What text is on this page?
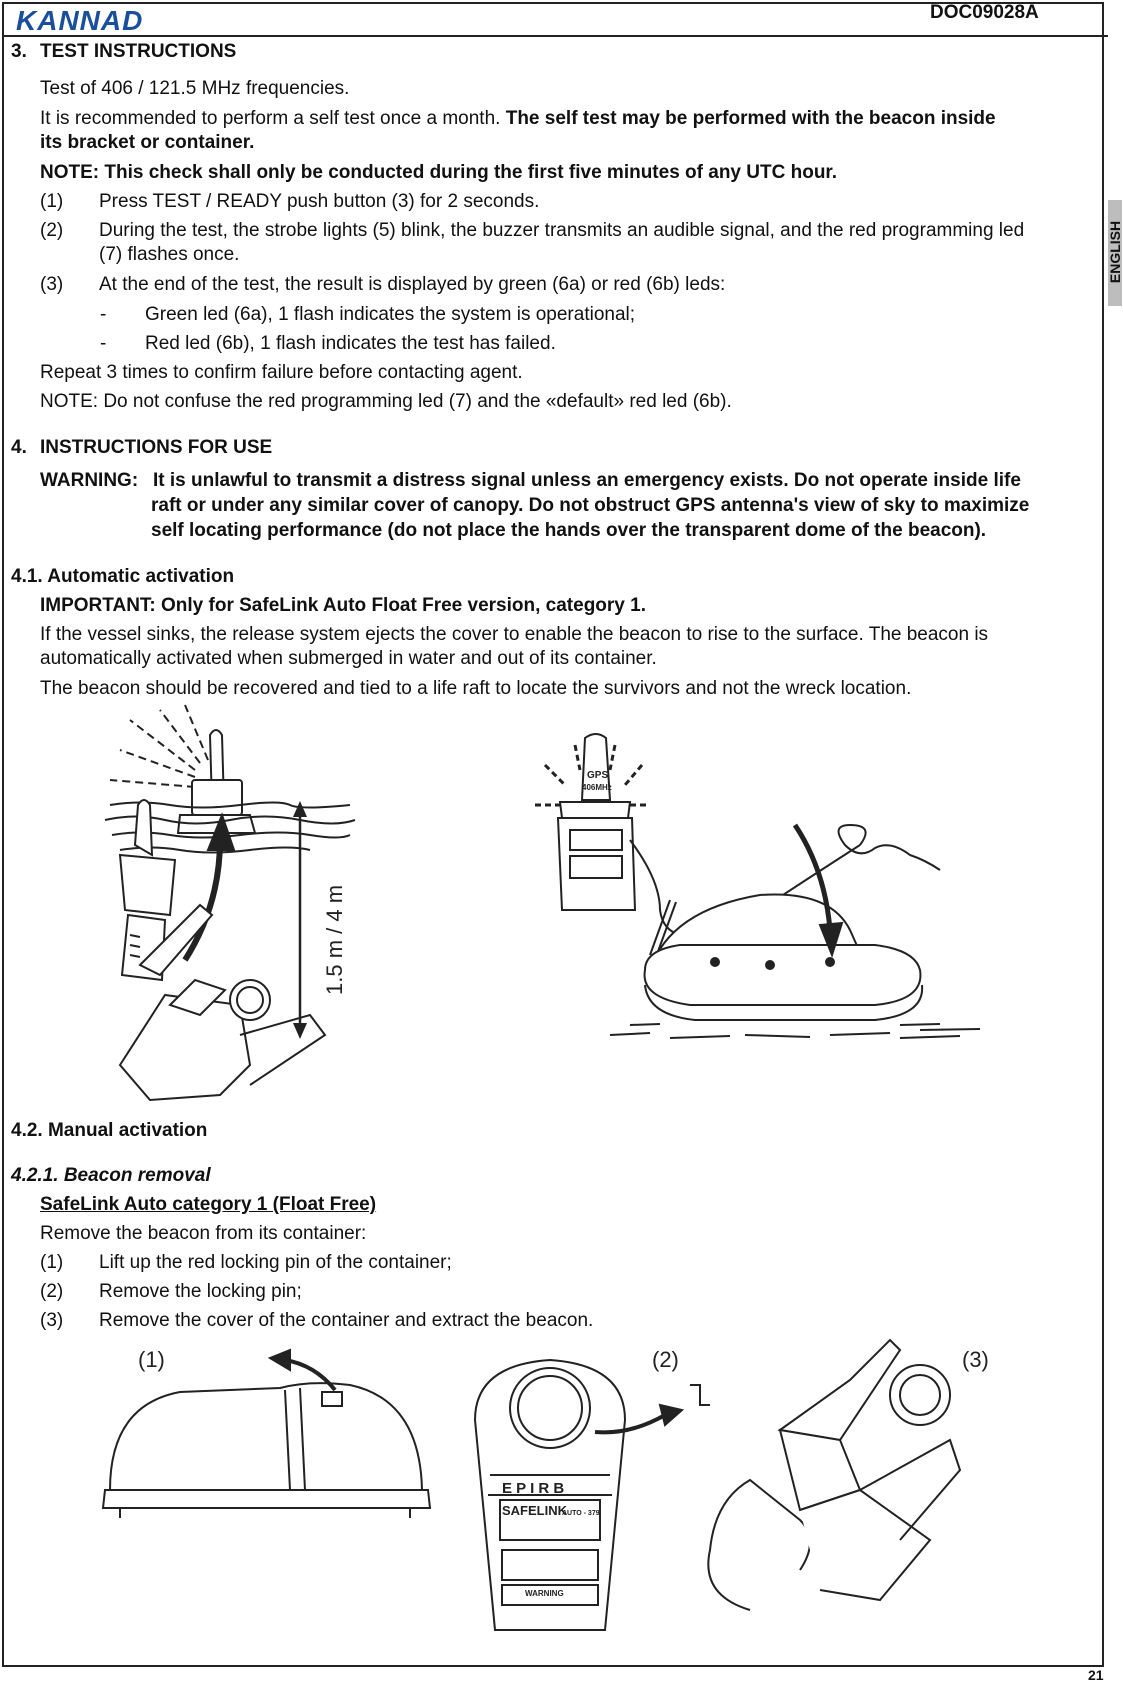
KANNAD	DOC09028A
ENGLISH
3. TEST INSTRUCTIONS
Test of 406 / 121.5 MHz frequencies.
It is recommended to perform a self test once a month. The self test may be performed with the beacon inside
its bracket or container.
NOTE: This check shall only be conducted during the first five minutes of any UTC hour.
(1) Press TEST / READY push button (3) for 2 seconds.
(2) During the test, the strobe lights (5) blink, the buzzer transmits an audible signal, and the red programming led
(7) flashes once.
(3) At the end of the test, the result is displayed by green (6a) or red (6b) leds:
- Green led (6a), 1 flash indicates the system is operational;
- Red led (6b), 1 flash indicates the test has failed.
Repeat 3 times to confirm failure before contacting agent.
NOTE: Do not confuse the red programming led (7) and the «default» red led (6b).
4. INSTRUCTIONS FOR USE
WARNING: It is unlawful to transmit a distress signal unless an emergency exists. Do not operate inside life
raft or under any similar cover of canopy. Do not obstruct GPS antenna's view of sky to maximize
self locating performance (do not place the hands over the transparent dome of the beacon).
4.1. Automatic activation
IMPORTANT: Only for SafeLink Auto Float Free version, category 1.
If the vessel sinks, the release system ejects the cover to enable the beacon to rise to the surface. The beacon is
automatically activated when submerged in water and out of its container.
The beacon should be recovered and tied to a life raft to locate the survivors and not the wreck location.
1.5 m / 4 m
GPS
406MHz
4.2. Manual activation
4.2.1. Beacon removal
SafeLink Auto category 1 (Float Free)
Remove the beacon from its container:
(1) Lift up the red locking pin of the container;
(2) Remove the locking pin;
(3) Remove the cover of the container and extract the beacon.
(1)	(2)	(3)
E P I R B
SAFELINK
AUTO - 379
WARNING
21
